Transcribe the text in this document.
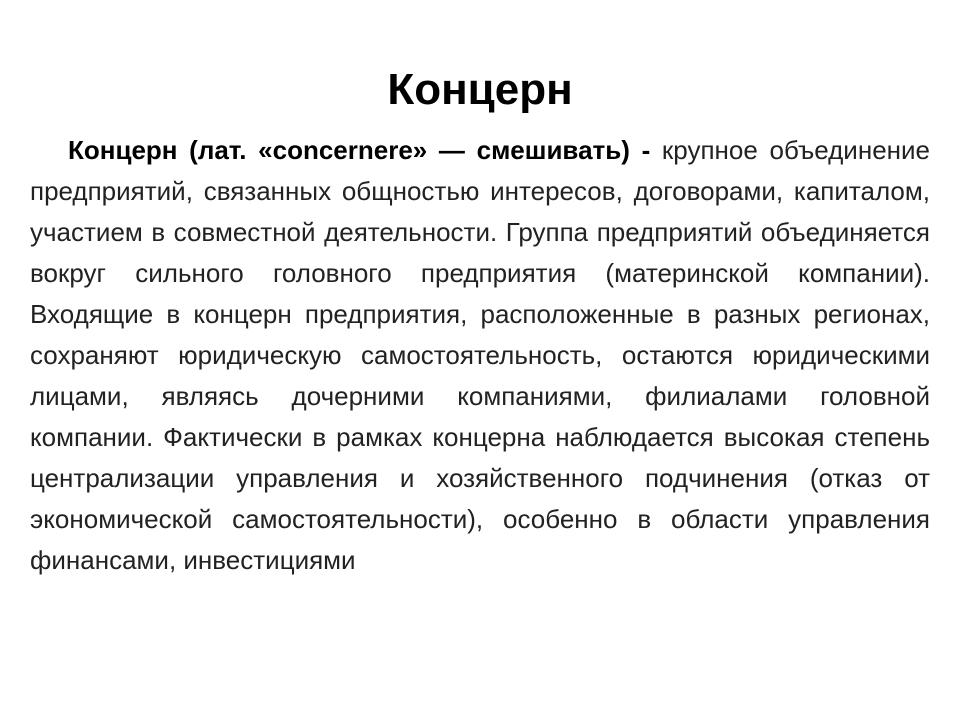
Концерн

Концерн (лат. «concernere» — смешивать) - крупное объединение предприятий, связанных общностью интересов, договорами, капиталом, участием в совместной деятельности. Группа предприятий объединяется вокруг сильного головного предприятия (материнской компании). Входящие в концерн предприятия, расположенные в разных регионах, сохраняют юридическую самостоятельность, остаются юридическими лицами, являясь дочерними компаниями, филиалами головной компании. Фактически в рамках концерна наблюдается высокая степень централизации управления и хозяйственного подчинения (отказ от экономической самостоятельности), особенно в области управления финансами, инвестициями
